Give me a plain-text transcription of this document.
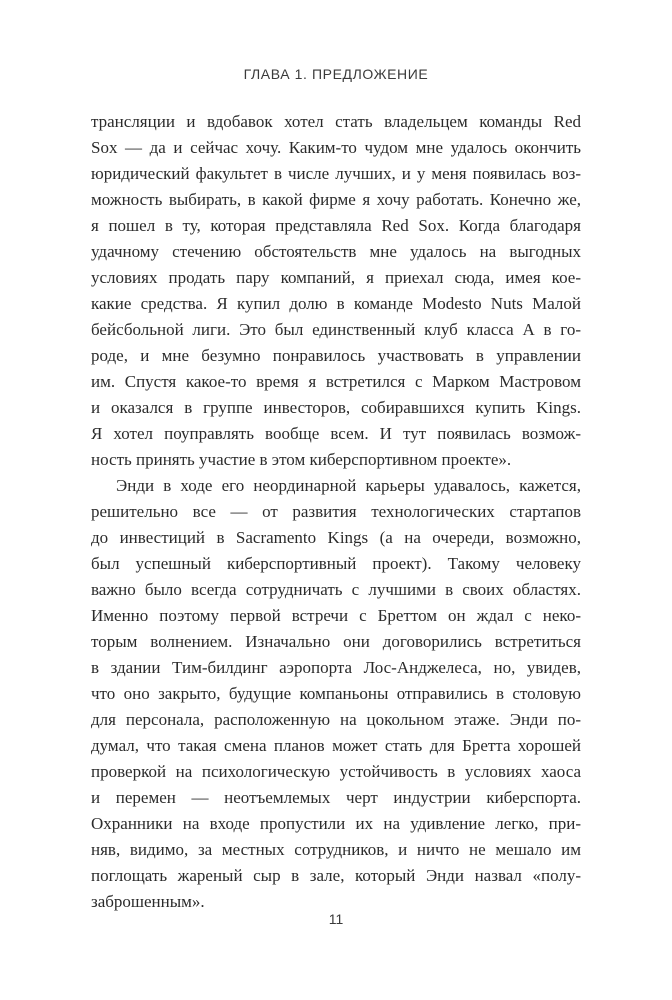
ГЛАВА 1. ПРЕДЛОЖЕНИЕ
трансляции и вдобавок хотел стать владельцем команды Red
Sox — да и сейчас хочу. Каким-то чудом мне удалось окончить
юридический факультет в числе лучших, и у меня появилась воз-
можность выбирать, в какой фирме я хочу работать. Конечно же,
я пошел в ту, которая представляла Red Sox. Когда благодаря
удачному стечению обстоятельств мне удалось на выгодных
условиях продать пару компаний, я приехал сюда, имея кое-
какие средства. Я купил долю в команде Modesto Nuts Малой
бейсбольной лиги. Это был единственный клуб класса А в го-
роде, и мне безумно понравилось участвовать в управлении
им. Спустя какое-то время я встретился с Марком Мастровом
и оказался в группе инвесторов, собиравшихся купить Kings.
Я хотел поуправлять вообще всем. И тут появилась возмож-
ность принять участие в этом киберспортивном проекте».
Энди в ходе его неординарной карьеры удавалось, кажется,
решительно все — от развития технологических стартапов
до инвестиций в Sacramento Kings (а на очереди, возможно,
был успешный киберспортивный проект). Такому человеку
важно было всегда сотрудничать с лучшими в своих областях.
Именно поэтому первой встречи с Бреттом он ждал с неко-
торым волнением. Изначально они договорились встретиться
в здании Тим-билдинг аэропорта Лос-Анджелеса, но, увидев,
что оно закрыто, будущие компаньоны отправились в столовую
для персонала, расположенную на цокольном этаже. Энди по-
думал, что такая смена планов может стать для Бретта хорошей
проверкой на психологическую устойчивость в условиях хаоса
и перемен — неотъемлемых черт индустрии киберспорта.
Охранники на входе пропустили их на удивление легко, при-
няв, видимо, за местных сотрудников, и ничто не мешало им
поглощать жареный сыр в зале, который Энди назвал «полу-
заброшенным».
11
